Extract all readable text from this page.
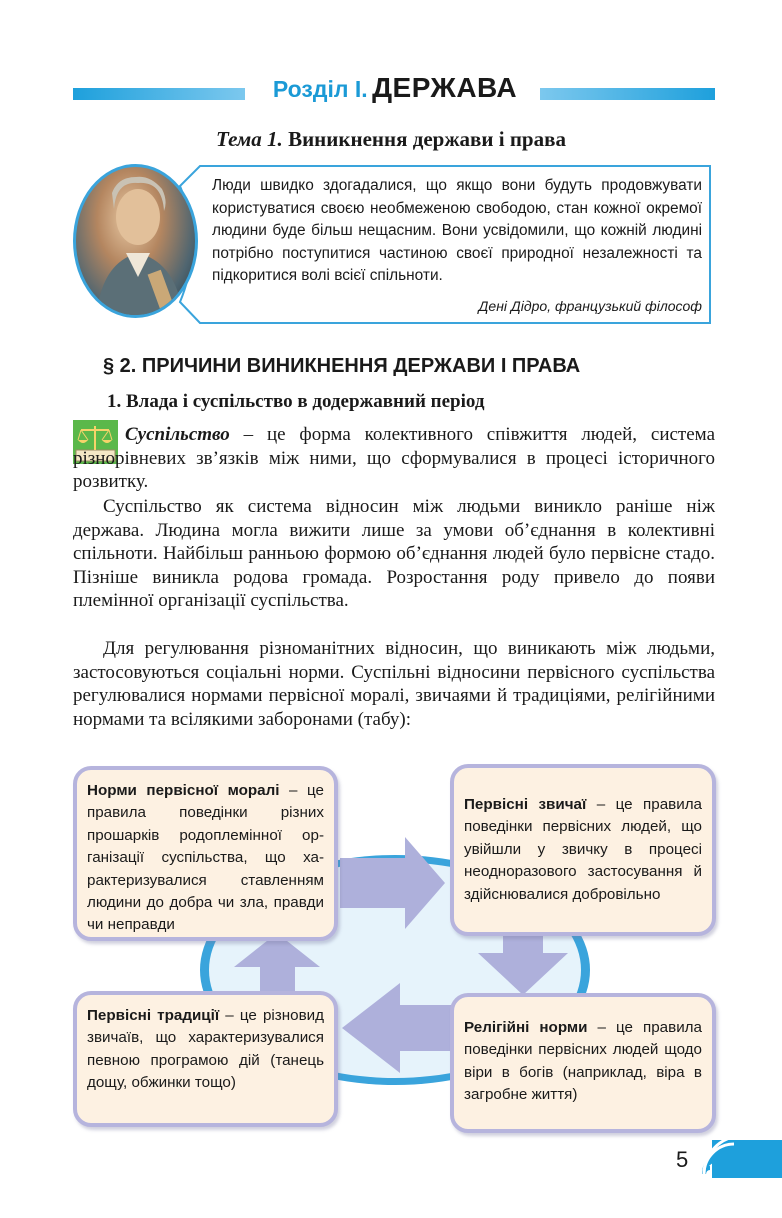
Розділ I. ДЕРЖАВА
Тема 1. Виникнення держави і права
Люди швидко здогадалися, що якщо вони будуть продовжувати користуватися своєю необмеженою свободою, стан кожної окремої людини буде більш нещасним. Вони усвідомили, що кожній людині потрібно поступитися частиною своєї природної незалежності та підкоритися волі всієї спільноти.
Дені Дідро, французький філософ
§ 2. ПРИЧИНИ ВИНИКНЕННЯ ДЕРЖАВИ І ПРАВА
1. Влада і суспільство в додержавний період
Суспільство – це форма колективного співжиття людей, система різнорівневих зв’язків між ними, що сформувалися в процесі історичного розвитку.
Суспільство як система відносин між людьми виникло раніше ніж держава. Людина могла вижити лише за умови об’єднання в колективні спільноти. Найбільш ранньою формою об’єднання людей було первісне стадо. Пізніше виникла родова громада. Розростання роду привело до появи племінної організації суспільства.
Для регулювання різноманітних відносин, що виникають між людьми, застосовуються соціальні норми. Суспільні відносини первісного суспільства регулювалися нормами первісної моралі, звичаями й традиціями, релігійними нормами та всілякими заборонами (табу):
Норми первісної моралі – це правила поведінки різних прошарків родоплемінної організації суспільства, що характеризувалися ставленням людини до добра чи зла, правди чи неправди
Первісні звичаї – це правила поведінки первісних людей, що увійшли у звичку в процесі неодноразового застосування й здійснювалися добровільно
Релігійні норми – це правила поведінки первісних людей щодо віри в богів (наприклад, віра в загробне життя)
Первісні традиції – це різновид звичаїв, що характеризувалися певною програмою дій (танець дощу, обжинки тощо)
5
